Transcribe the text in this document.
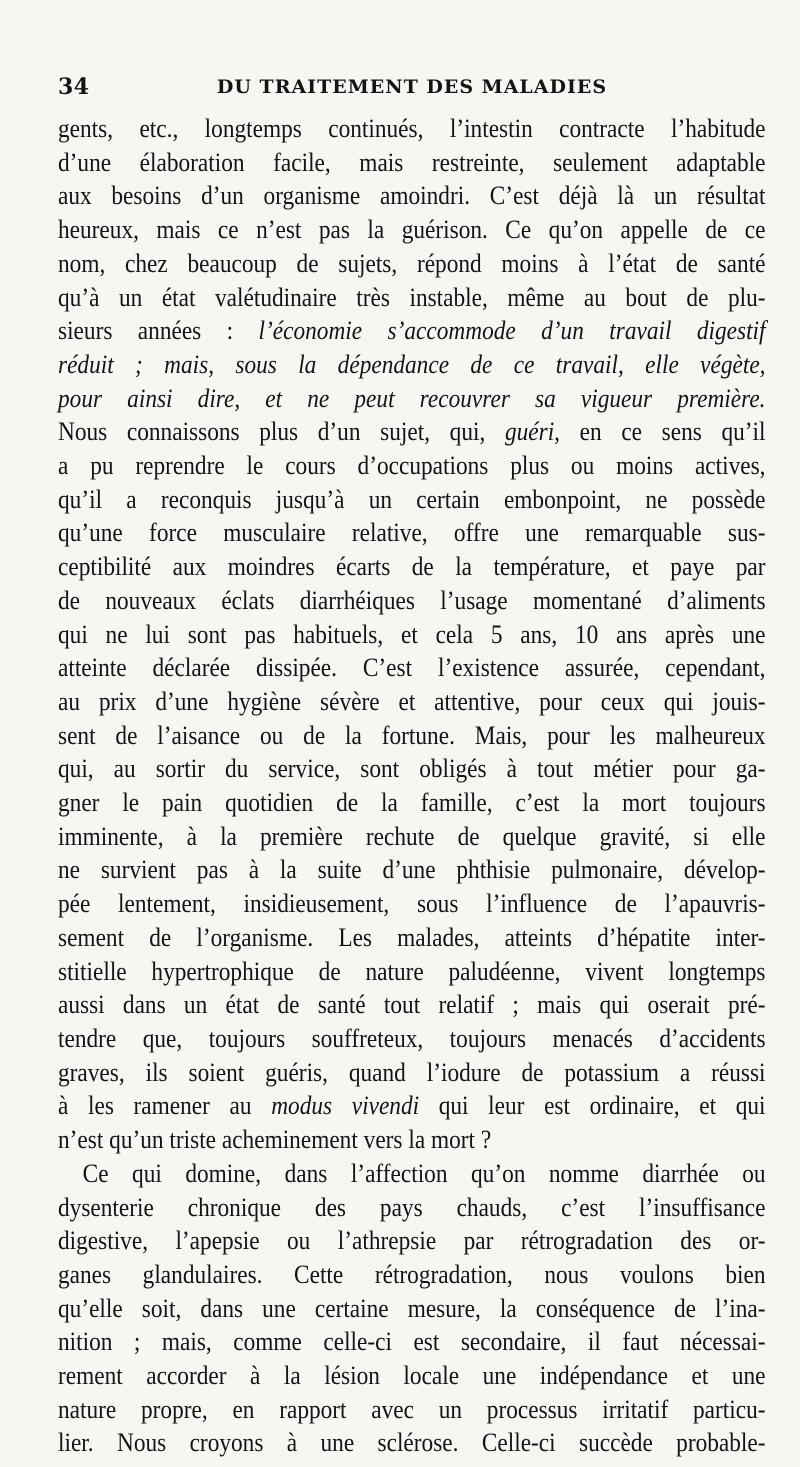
34	DU TRAITEMENT DES MALADIES

gents, etc., longtemps continués, l’intestin contracte l’habitude
d’une élaboration facile, mais restreinte, seulement adaptable
aux besoins d’un organisme amoindri. C’est déjà là un résultat
heureux, mais ce n’est pas la guérison. Ce qu’on appelle de ce
nom, chez beaucoup de sujets, répond moins à l’état de santé
qu’à un état valétudinaire très instable, même au bout de plu-
sieurs années : l’économie s’accommode d’un travail digestif
réduit ; mais, sous la dépendance de ce travail, elle végète,
pour ainsi dire, et ne peut recouvrer sa vigueur première.
Nous connaissons plus d’un sujet, qui, guéri, en ce sens qu’il
a pu reprendre le cours d’occupations plus ou moins actives,
qu’il a reconquis jusqu’à un certain embonpoint, ne possède
qu’une force musculaire relative, offre une remarquable sus-
ceptibilité aux moindres écarts de la température, et paye par
de nouveaux éclats diarrhéiques l’usage momentané d’aliments
qui ne lui sont pas habituels, et cela 5 ans, 10 ans après une
atteinte déclarée dissipée. C’est l’existence assurée, cependant,
au prix d’une hygiène sévère et attentive, pour ceux qui jouis-
sent de l’aisance ou de la fortune. Mais, pour les malheureux
qui, au sortir du service, sont obligés à tout métier pour ga-
gner le pain quotidien de la famille, c’est la mort toujours
imminente, à la première rechute de quelque gravité, si elle
ne survient pas à la suite d’une phthisie pulmonaire, dévelop-
pée lentement, insidieusement, sous l’influence de l’apauvris-
sement de l’organisme. Les malades, atteints d’hépatite inter-
stitielle hypertrophique de nature paludéenne, vivent longtemps
aussi dans un état de santé tout relatif ; mais qui oserait pré-
tendre que, toujours souffreteux, toujours menacés d’accidents
graves, ils soient guéris, quand l’iodure de potassium a réussi
à les ramener au modus vivendi qui leur est ordinaire, et qui
n’est qu’un triste acheminement vers la mort ?

Ce qui domine, dans l’affection qu’on nomme diarrhée ou
dysenterie chronique des pays chauds, c’est l’insuffisance
digestive, l’apepsie ou l’athrepsie par rétrogradation des or-
ganes glandulaires. Cette rétrogradation, nous voulons bien
qu’elle soit, dans une certaine mesure, la conséquence de l’ina-
nition ; mais, comme celle-ci est secondaire, il faut nécessai-
rement accorder à la lésion locale une indépendance et une
nature propre, en rapport avec un processus irritatif particu-
lier. Nous croyons à une sclérose. Celle-ci succède probable-
